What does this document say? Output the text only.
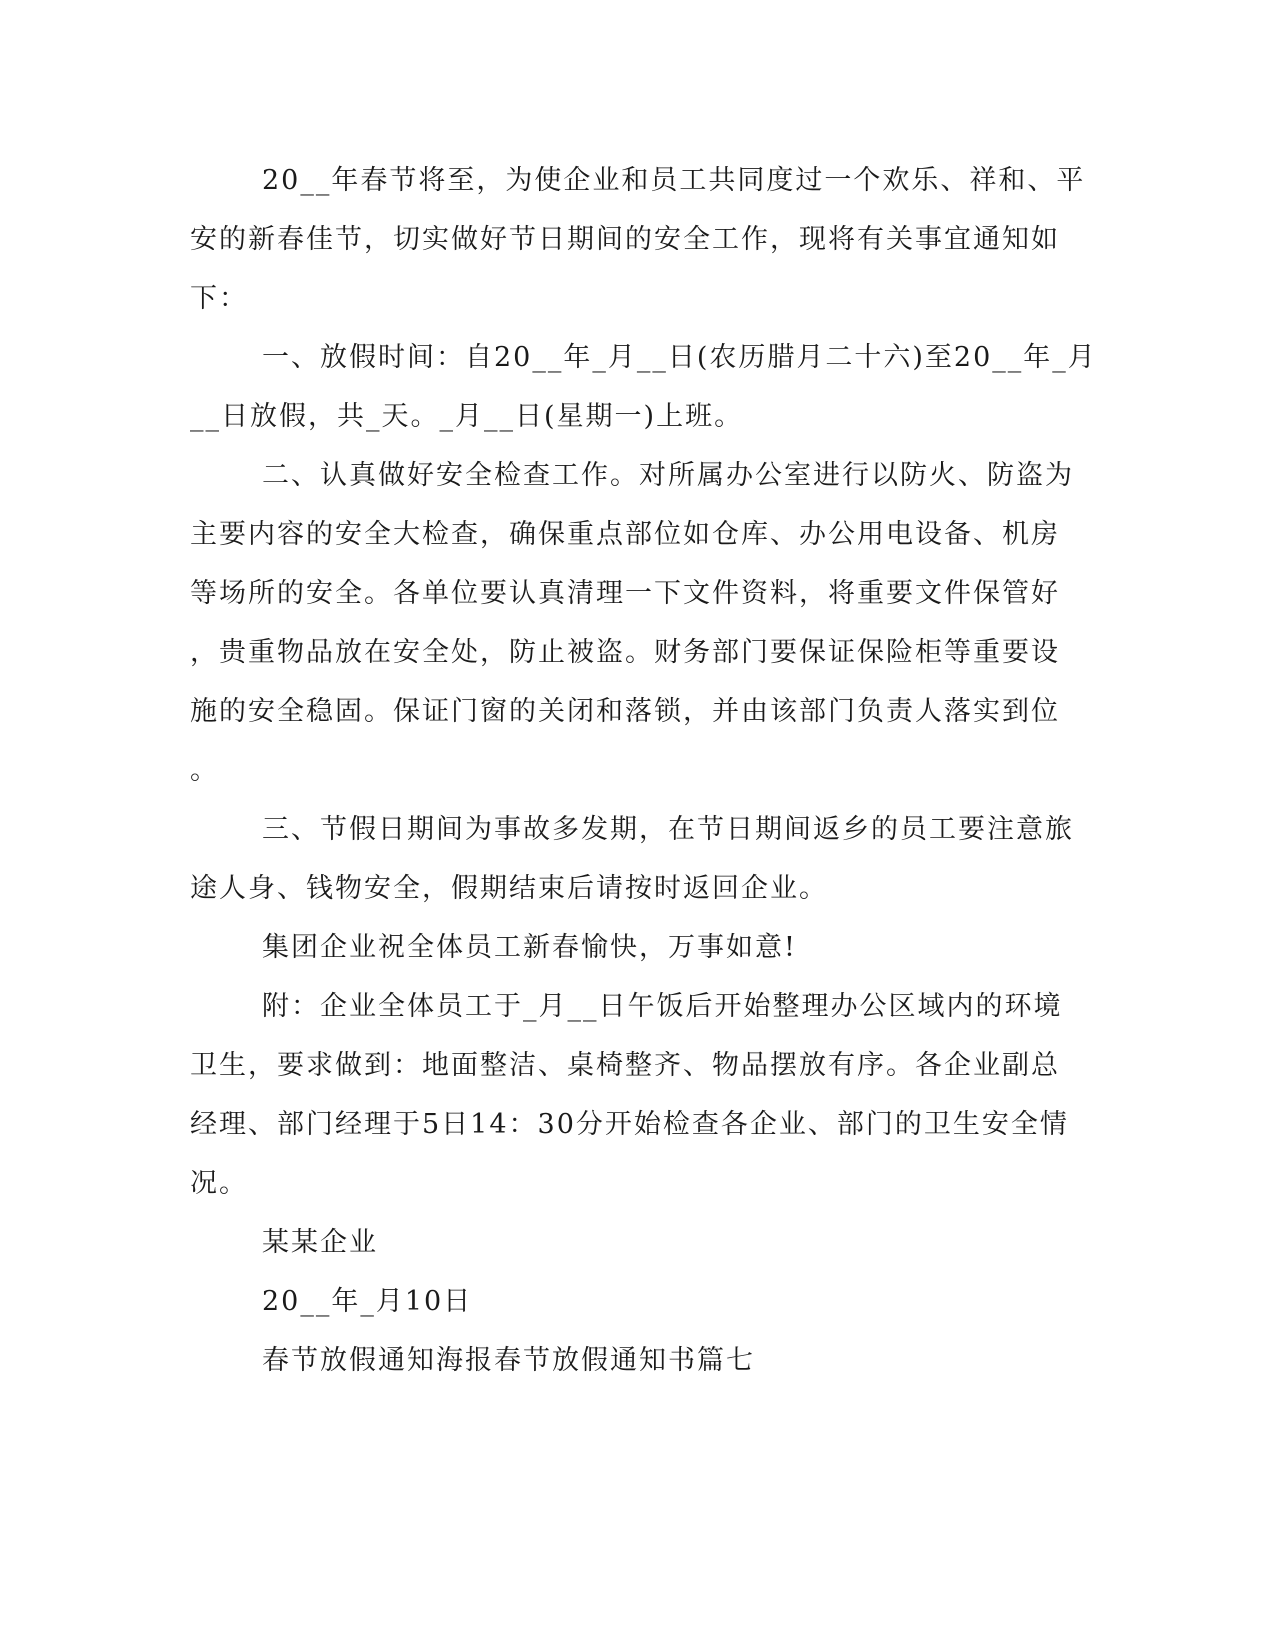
20__年春节将至，为使企业和员工共同度过一个欢乐、祥和、平
安的新春佳节，切实做好节日期间的安全工作，现将有关事宜通知如
下：
一、放假时间：自20__年_月__日(农历腊月二十六)至20__年_月
__日放假，共_天。_月__日(星期一)上班。
二、认真做好安全检查工作。对所属办公室进行以防火、防盗为
主要内容的安全大检查，确保重点部位如仓库、办公用电设备、机房
等场所的安全。各单位要认真清理一下文件资料，将重要文件保管好
，贵重物品放在安全处，防止被盗。财务部门要保证保险柜等重要设
施的安全稳固。保证门窗的关闭和落锁，并由该部门负责人落实到位
。
三、节假日期间为事故多发期，在节日期间返乡的员工要注意旅
途人身、钱物安全，假期结束后请按时返回企业。
集团企业祝全体员工新春愉快，万事如意!
附：企业全体员工于_月__日午饭后开始整理办公区域内的环境
卫生，要求做到：地面整洁、桌椅整齐、物品摆放有序。各企业副总
经理、部门经理于5日14：30分开始检查各企业、部门的卫生安全情
况。
某某企业
20__年_月10日
春节放假通知海报春节放假通知书篇七
